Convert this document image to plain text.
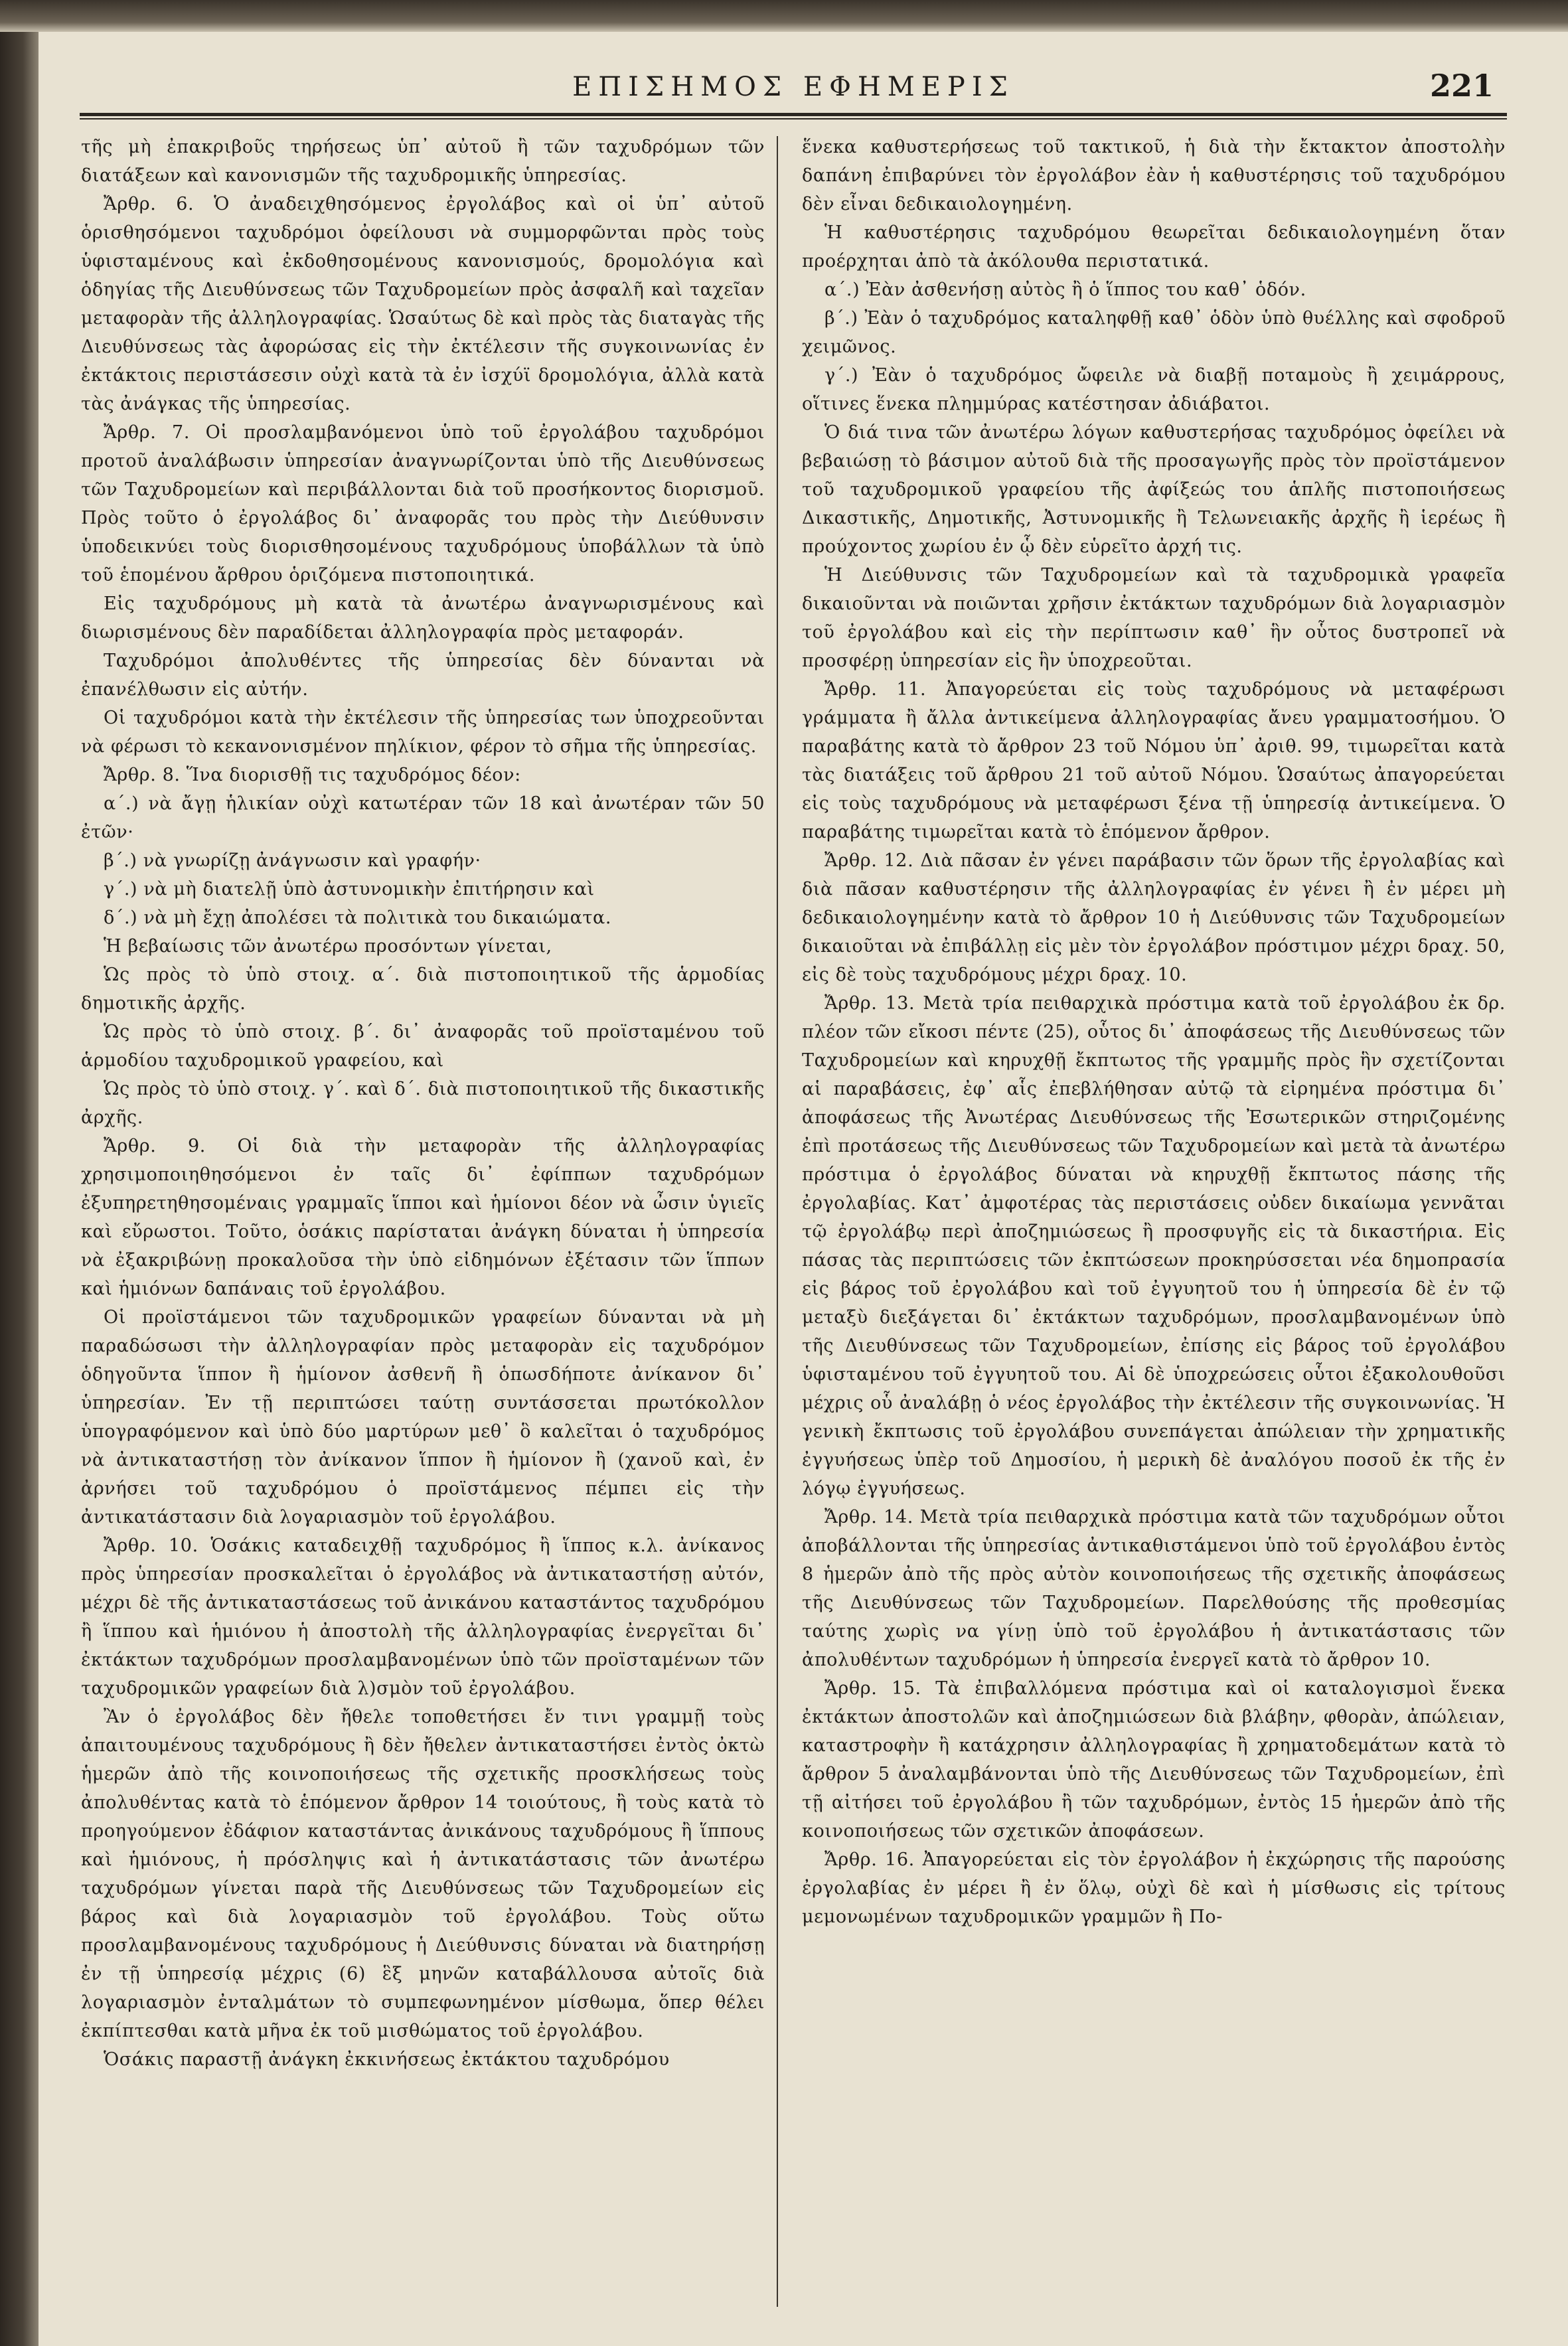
ΕΠΙΣΗΜΟΣ ΕΦΗΜΕΡΙΣ	221

τῆς μὴ ἐπακριβοῦς τηρήσεως ὑπ᾽ αὐτοῦ ἢ τῶν ταχυδρόμων τῶν διατάξεων καὶ κανονισμῶν τῆς ταχυδρομικῆς ὑπηρεσίας.

Ἄρθρ. 6. Ὁ ἀναδειχθησόμενος ἐργολάβος καὶ οἱ ὑπ᾽ αὐτοῦ ὁρισθησόμενοι ταχυδρόμοι ὀφείλουσι νὰ συμμορφῶνται πρὸς τοὺς ὑφισταμένους καὶ ἐκδοθησομένους κανονισμούς, δρομολόγια καὶ ὁδηγίας τῆς Διευθύνσεως τῶν Ταχυδρομείων πρὸς ἀσφαλῆ καὶ ταχεῖαν μεταφορὰν τῆς ἀλληλογραφίας. Ὡσαύτως δὲ καὶ πρὸς τὰς διαταγὰς τῆς Διευθύνσεως τὰς ἀφορώσας εἰς τὴν ἐκτέλεσιν τῆς συγκοινωνίας ἐν ἐκτάκτοις περιστάσεσιν οὐχὶ κατὰ τὰ ἐν ἰσχύϊ δρομολόγια, ἀλλὰ κατὰ τὰς ἀνάγκας τῆς ὑπηρεσίας.

Ἄρθρ. 7. Οἱ προσλαμβανόμενοι ὑπὸ τοῦ ἐργολάβου ταχυδρόμοι προτοῦ ἀναλάβωσιν ὑπηρεσίαν ἀναγνωρίζονται ὑπὸ τῆς Διευθύνσεως τῶν Ταχυδρομείων καὶ περιβάλλονται διὰ τοῦ προσήκοντος διορισμοῦ. Πρὸς τοῦτο ὁ ἐργολάβος δι᾽ ἀναφορᾶς του πρὸς τὴν Διεύθυνσιν ὑποδεικνύει τοὺς διορισθησομένους ταχυδρόμους ὑποβάλλων τὰ ὑπὸ τοῦ ἑπομένου ἄρθρου ὁριζόμενα πιστοποιητικά.

Εἰς ταχυδρόμους μὴ κατὰ τὰ ἀνωτέρω ἀναγνωρισμένους καὶ διωρισμένους δὲν παραδίδεται ἀλληλογραφία πρὸς μεταφοράν.

Ταχυδρόμοι ἀπολυθέντες τῆς ὑπηρεσίας δὲν δύνανται νὰ ἐπανέλθωσιν εἰς αὐτήν.

Οἱ ταχυδρόμοι κατὰ τὴν ἐκτέλεσιν τῆς ὑπηρεσίας των ὑποχρεοῦνται νὰ φέρωσι τὸ κεκανονισμένον πηλίκιον, φέρον τὸ σῆμα τῆς ὑπηρεσίας.

Ἄρθρ. 8. Ἵνα διορισθῇ τις ταχυδρόμος δέον:

α΄.) νὰ ἄγῃ ἡλικίαν οὐχὶ κατωτέραν τῶν 18 καὶ ἀνωτέραν τῶν 50 ἐτῶν·

β΄.) νὰ γνωρίζῃ ἀνάγνωσιν καὶ γραφήν·

γ΄.) νὰ μὴ διατελῇ ὑπὸ ἀστυνομικὴν ἐπιτήρησιν καὶ

δ΄.) νὰ μὴ ἔχῃ ἀπολέσει τὰ πολιτικὰ του δικαιώματα.

Ἡ βεβαίωσις τῶν ἀνωτέρω προσόντων γίνεται,

Ὡς πρὸς τὸ ὑπὸ στοιχ. α΄. διὰ πιστοποιητικοῦ τῆς ἁρμοδίας δημοτικῆς ἀρχῆς.

Ὡς πρὸς τὸ ὑπὸ στοιχ. β΄. δι᾽ ἀναφορᾶς τοῦ προϊσταμένου τοῦ ἁρμοδίου ταχυδρομικοῦ γραφείου, καὶ

Ὡς πρὸς τὸ ὑπὸ στοιχ. γ΄. καὶ δ΄. διὰ πιστοποιητικοῦ τῆς δικαστικῆς ἀρχῆς.

Ἄρθρ. 9. Οἱ διὰ τὴν μεταφορὰν τῆς ἀλληλογραφίας χρησιμοποιηθησόμενοι ἐν ταῖς δι᾽ ἐφίππων ταχυδρόμων ἐξυπηρετηθησομέναις γραμμαῖς ἵπποι καὶ ἡμίονοι δέον νὰ ὦσιν ὑγιεῖς καὶ εὔρωστοι. Τοῦτο, ὁσάκις παρίσταται ἀνάγκη δύναται ἡ ὑπηρεσία νὰ ἐξακριβώνῃ προκαλοῦσα τὴν ὑπὸ εἰδημόνων ἐξέτασιν τῶν ἵππων καὶ ἡμιόνων δαπάναις τοῦ ἐργολάβου.

Οἱ προϊστάμενοι τῶν ταχυδρομικῶν γραφείων δύνανται νὰ μὴ παραδώσωσι τὴν ἀλληλογραφίαν πρὸς μεταφορὰν εἰς ταχυδρόμον ὁδηγοῦντα ἵππον ἢ ἡμίονον ἀσθενῆ ἢ ὁπωσδήποτε ἀνίκανον δι᾽ ὑπηρεσίαν. Ἐν τῇ περιπτώσει ταύτῃ συντάσσεται πρωτόκολλον ὑπογραφόμενον καὶ ὑπὸ δύο μαρτύρων μεθ᾽ ὃ καλεῖται ὁ ταχυδρόμος νὰ ἀντικαταστήσῃ τὸν ἀνίκανον ἵππον ἢ ἡμίονον ἢ (χανοῦ καὶ, ἐν ἀρνήσει τοῦ ταχυδρόμου ὁ προϊστάμενος πέμπει εἰς τὴν ἀντικατάστασιν διὰ λογαριασμὸν τοῦ ἐργολάβου.

Ἄρθρ. 10. Ὁσάκις καταδειχθῇ ταχυδρόμος ἢ ἵππος κ.λ. ἀνίκανος πρὸς ὑπηρεσίαν προσκαλεῖται ὁ ἐργολάβος νὰ ἀντικαταστήσῃ αὐτόν, μέχρι δὲ τῆς ἀντικαταστάσεως τοῦ ἀνικάνου καταστάντος ταχυδρόμου ἢ ἵππου καὶ ἡμιόνου ἡ ἀποστολὴ τῆς ἀλληλογραφίας ἐνεργεῖται δι᾽ ἐκτάκτων ταχυδρόμων προσλαμβανομένων ὑπὸ τῶν προϊσταμένων τῶν ταχυδρομικῶν γραφείων διὰ λ)σμὸν τοῦ ἐργολάβου.

Ἂν ὁ ἐργολάβος δὲν ἤθελε τοποθετήσει ἔν τινι γραμμῇ τοὺς ἀπαιτουμένους ταχυδρόμους ἢ δὲν ἤθελεν ἀντικαταστήσει ἐντὸς ὀκτὼ ἡμερῶν ἀπὸ τῆς κοινοποιήσεως τῆς σχετικῆς προσκλήσεως τοὺς ἀπολυθέντας κατὰ τὸ ἑπόμενον ἄρθρον 14 τοιούτους, ἢ τοὺς κατὰ τὸ προηγούμενον ἐδάφιον καταστάντας ἀνικάνους ταχυδρόμους ἢ ἵππους καὶ ἡμιόνους, ἡ πρόσληψις καὶ ἡ ἀντικατάστασις τῶν ἀνωτέρω ταχυδρόμων γίνεται παρὰ τῆς Διευθύνσεως τῶν Ταχυδρομείων εἰς βάρος καὶ διὰ λογαριασμὸν τοῦ ἐργολάβου. Τοὺς οὕτω προσλαμβανομένους ταχυδρόμους ἡ Διεύθυνσις δύναται νὰ διατηρήσῃ ἐν τῇ ὑπηρεσίᾳ μέχρις (6) ἓξ μηνῶν καταβάλλουσα αὐτοῖς διὰ λογαριασμὸν ἐνταλμάτων τὸ συμπεφωνημένον μίσθωμα, ὅπερ θέλει ἐκπίπτεσθαι κατὰ μῆνα ἐκ τοῦ μισθώματος τοῦ ἐργολάβου.

Ὁσάκις παραστῇ ἀνάγκη ἐκκινήσεως ἐκτάκτου ταχυδρόμου

ἕνεκα καθυστερήσεως τοῦ τακτικοῦ, ἡ διὰ τὴν ἔκτακτον ἀποστολὴν δαπάνη ἐπιβαρύνει τὸν ἐργολάβον ἐὰν ἡ καθυστέρησις τοῦ ταχυδρόμου δὲν εἶναι δεδικαιολογημένη.

Ἡ καθυστέρησις ταχυδρόμου θεωρεῖται δεδικαιολογημένη ὅταν προέρχηται ἀπὸ τὰ ἀκόλουθα περιστατικά.

α΄.) Ἐὰν ἀσθενήσῃ αὐτὸς ἢ ὁ ἵππος του καθ᾽ ὁδόν.

β΄.) Ἐὰν ὁ ταχυδρόμος καταληφθῇ καθ᾽ ὁδὸν ὑπὸ θυέλλης καὶ σφοδροῦ χειμῶνος.

γ΄.) Ἐὰν ὁ ταχυδρόμος ὤφειλε νὰ διαβῇ ποταμοὺς ἢ χειμάρρους, οἵτινες ἕνεκα πλημμύρας κατέστησαν ἀδιάβατοι.

Ὁ διά τινα τῶν ἀνωτέρω λόγων καθυστερήσας ταχυδρόμος ὀφείλει νὰ βεβαιώσῃ τὸ βάσιμον αὐτοῦ διὰ τῆς προσαγωγῆς πρὸς τὸν προϊστάμενον τοῦ ταχυδρομικοῦ γραφείου τῆς ἀφίξεώς του ἁπλῆς πιστοποιήσεως Δικαστικῆς, Δημοτικῆς, Ἀστυνομικῆς ἢ Τελωνειακῆς ἀρχῆς ἢ ἱερέως ἢ προύχοντος χωρίου ἐν ᾧ δὲν εὑρεῖτο ἀρχή τις.

Ἡ Διεύθυνσις τῶν Ταχυδρομείων καὶ τὰ ταχυδρομικὰ γραφεῖα δικαιοῦνται νὰ ποιῶνται χρῆσιν ἐκτάκτων ταχυδρόμων διὰ λογαριασμὸν τοῦ ἐργολάβου καὶ εἰς τὴν περίπτωσιν καθ᾽ ἣν οὗτος δυστροπεῖ νὰ προσφέρῃ ὑπηρεσίαν εἰς ἣν ὑποχρεοῦται.

Ἄρθρ. 11. Ἀπαγορεύεται εἰς τοὺς ταχυδρόμους νὰ μεταφέρωσι γράμματα ἢ ἄλλα ἀντικείμενα ἀλληλογραφίας ἄνευ γραμματοσήμου. Ὁ παραβάτης κατὰ τὸ ἄρθρον 23 τοῦ Νόμου ὑπ᾽ ἀριθ. 99, τιμωρεῖται κατὰ τὰς διατάξεις τοῦ ἄρθρου 21 τοῦ αὐτοῦ Νόμου. Ὡσαύτως ἀπαγορεύεται εἰς τοὺς ταχυδρόμους νὰ μεταφέρωσι ξένα τῇ ὑπηρεσίᾳ ἀντικείμενα. Ὁ παραβάτης τιμωρεῖται κατὰ τὸ ἑπόμενον ἄρθρον.

Ἄρθρ. 12. Διὰ πᾶσαν ἐν γένει παράβασιν τῶν ὅρων τῆς ἐργολαβίας καὶ διὰ πᾶσαν καθυστέρησιν τῆς ἀλληλογραφίας ἐν γένει ἢ ἐν μέρει μὴ δεδικαιολογημένην κατὰ τὸ ἄρθρον 10 ἡ Διεύθυνσις τῶν Ταχυδρομείων δικαιοῦται νὰ ἐπιβάλλῃ εἰς μὲν τὸν ἐργολάβον πρόστιμον μέχρι δραχ. 50, εἰς δὲ τοὺς ταχυδρόμους μέχρι δραχ. 10.

Ἄρθρ. 13. Μετὰ τρία πειθαρχικὰ πρόστιμα κατὰ τοῦ ἐργολάβου ἐκ δρ. πλέον τῶν εἴκοσι πέντε (25), οὗτος δι᾽ ἀποφάσεως τῆς Διευθύνσεως τῶν Ταχυδρομείων καὶ κηρυχθῇ ἔκπτωτος τῆς γραμμῆς πρὸς ἣν σχετίζονται αἱ παραβάσεις, ἐφ᾽ αἷς ἐπεβλήθησαν αὐτῷ τὰ εἰρημένα πρόστιμα δι᾽ ἀποφάσεως τῆς Ἀνωτέρας Διευθύνσεως τῆς Ἐσωτερικῶν στηριζομένης ἐπὶ προτάσεως τῆς Διευθύνσεως τῶν Ταχυδρομείων καὶ μετὰ τὰ ἀνωτέρω πρόστιμα ὁ ἐργολάβος δύναται νὰ κηρυχθῇ ἔκπτωτος πάσης τῆς ἐργολαβίας. Κατ᾽ ἀμφοτέρας τὰς περιστάσεις οὐδεν δικαίωμα γεννᾶται τῷ ἐργολάβῳ περὶ ἀποζημιώσεως ἢ προσφυγῆς εἰς τὰ δικαστήρια. Εἰς πάσας τὰς περιπτώσεις τῶν ἐκπτώσεων προκηρύσσεται νέα δημοπρασία εἰς βάρος τοῦ ἐργολάβου καὶ τοῦ ἐγγυητοῦ του ἡ ὑπηρεσία δὲ ἐν τῷ μεταξὺ διεξάγεται δι᾽ ἐκτάκτων ταχυδρόμων, προσλαμβανομένων ὑπὸ τῆς Διευθύνσεως τῶν Ταχυδρομείων, ἐπίσης εἰς βάρος τοῦ ἐργολάβου ὑφισταμένου τοῦ ἐγγυητοῦ του. Αἱ δὲ ὑποχρεώσεις οὗτοι ἐξακολουθοῦσι μέχρις οὗ ἀναλάβῃ ὁ νέος ἐργολάβος τὴν ἐκτέλεσιν τῆς συγκοινωνίας. Ἡ γενικὴ ἔκπτωσις τοῦ ἐργολάβου συνεπάγεται ἀπώλειαν τὴν χρηματικῆς ἐγγυήσεως ὑπὲρ τοῦ Δημοσίου, ἡ μερικὴ δὲ ἀναλόγου ποσοῦ ἐκ τῆς ἐν λόγῳ ἐγγυήσεως.

Ἄρθρ. 14. Μετὰ τρία πειθαρχικὰ πρόστιμα κατὰ τῶν ταχυδρόμων οὗτοι ἀποβάλλονται τῆς ὑπηρεσίας ἀντικαθιστάμενοι ὑπὸ τοῦ ἐργολάβου ἐντὸς 8 ἡμερῶν ἀπὸ τῆς πρὸς αὐτὸν κοινοποιήσεως τῆς σχετικῆς ἀποφάσεως τῆς Διευθύνσεως τῶν Ταχυδρομείων. Παρελθούσης τῆς προθεσμίας ταύτης χωρὶς να γίνῃ ὑπὸ τοῦ ἐργολάβου ἡ ἀντικατάστασις τῶν ἀπολυθέντων ταχυδρόμων ἡ ὑπηρεσία ἐνεργεῖ κατὰ τὸ ἄρθρον 10.

Ἄρθρ. 15. Τὰ ἐπιβαλλόμενα πρόστιμα καὶ οἱ καταλογισμοὶ ἕνεκα ἐκτάκτων ἀποστολῶν καὶ ἀποζημιώσεων διὰ βλάβην, φθορὰν, ἀπώλειαν, καταστροφὴν ἢ κατάχρησιν ἀλληλογραφίας ἢ χρηματοδεμάτων κατὰ τὸ ἄρθρον 5 ἀναλαμβάνονται ὑπὸ τῆς Διευθύνσεως τῶν Ταχυδρομείων, ἐπὶ τῇ αἰτήσει τοῦ ἐργολάβου ἢ τῶν ταχυδρόμων, ἐντὸς 15 ἡμερῶν ἀπὸ τῆς κοινοποιήσεως τῶν σχετικῶν ἀποφάσεων.

Ἄρθρ. 16. Ἀπαγορεύεται εἰς τὸν ἐργολάβον ἡ ἐκχώρησις τῆς παρούσης ἐργολαβίας ἐν μέρει ἢ ἐν ὅλῳ, οὐχὶ δὲ καὶ ἡ μίσθωσις εἰς τρίτους μεμονωμένων ταχυδρομικῶν γραμμῶν ἢ Πο-
